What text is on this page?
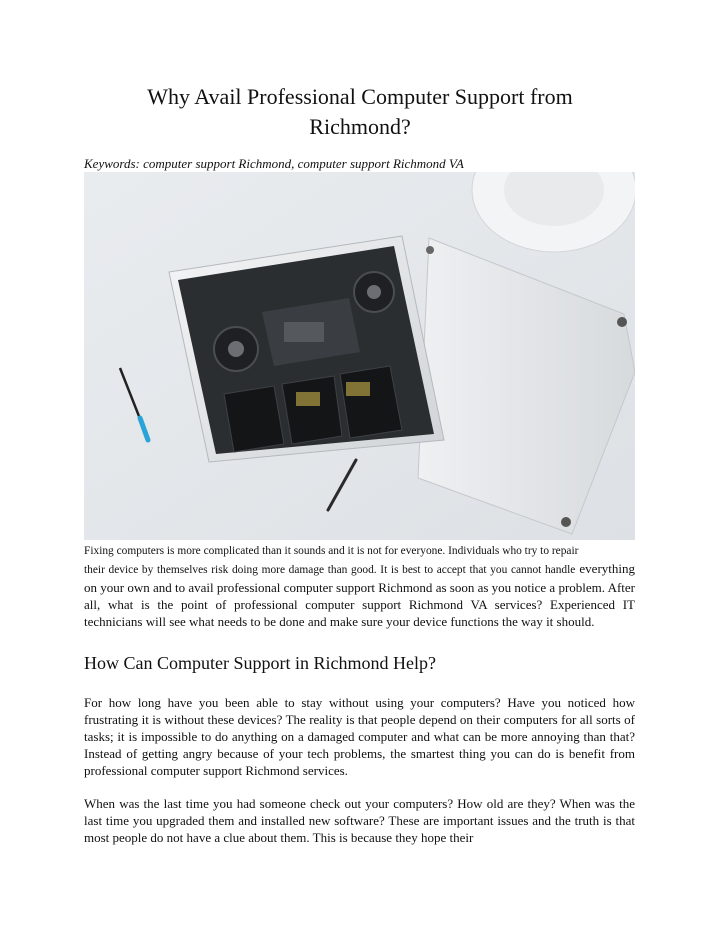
Why Avail Professional Computer Support from
Richmond?
Keywords: computer support Richmond, computer support Richmond VA
Fixing computers is more complicated than it sounds and it is not for everyone. Individuals who try to repair
their device by themselves risk doing more damage than good. It is best to accept that you cannot handle everything on your own and to avail professional computer support Richmond as soon as you notice a problem. After all, what is the point of professional computer support Richmond VA services? Experienced IT technicians will see what needs to be done and make sure your device functions the way it should.
How Can Computer Support in Richmond Help?

For how long have you been able to stay without using your computers? Have you noticed how frustrating it is without these devices? The reality is that people depend on their computers for all sorts of tasks; it is impossible to do anything on a damaged computer and what can be more annoying than that? Instead of getting angry because of your tech problems, the smartest thing you can do is benefit from professional computer support Richmond services.

When was the last time you had someone check out your computers? How old are they? When was the last time you upgraded them and installed new software? These are important issues and the truth is that most people do not have a clue about them. This is because they hope their
